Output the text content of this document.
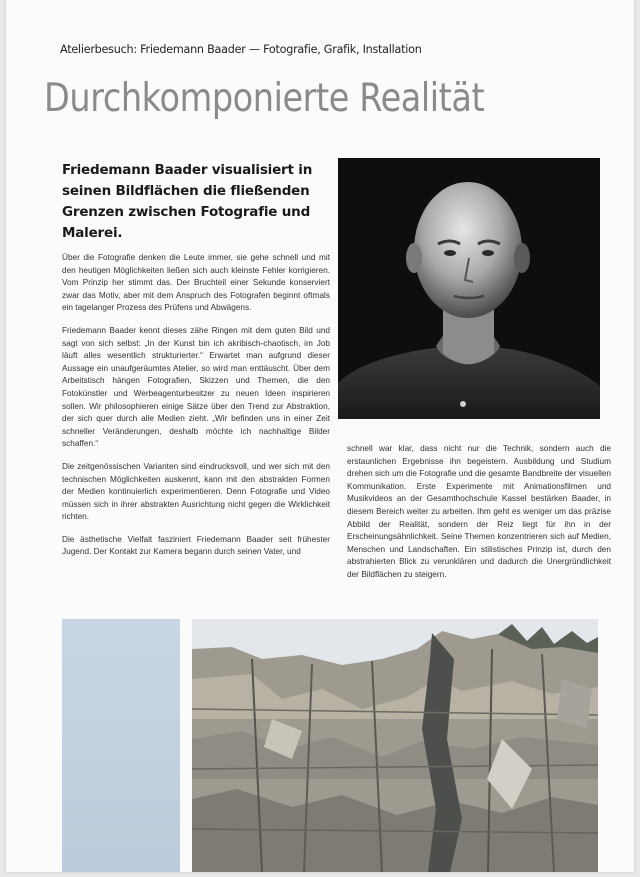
Atelierbesuch: Friedemann Baader — Fotografie, Grafik, Installation
Durchkomponierte Realität
Friedemann Baader visualisiert in seinen Bildflächen die fließenden Grenzen zwischen Fotografie und Malerei.

Über die Fotografie denken die Leute immer, sie gehe schnell und mit den heutigen Möglichkeiten ließen sich auch kleinste Fehler korrigieren. Vom Prinzip her stimmt das. Der Bruchteil einer Sekunde konserviert zwar das Motiv, aber mit dem Anspruch des Fotografen beginnt oftmals ein tagelanger Prozess des Prüfens und Abwägens.

Friedemann Baader kennt dieses zähe Ringen mit dem guten Bild und sagt von sich selbst: „In der Kunst bin ich akribisch-chaotisch, im Job läuft alles wesentlich strukturierter.“ Erwartet man aufgrund dieser Aussage ein unaufgeräumtes Atelier, so wird man enttäuscht. Über dem Arbeitstisch hängen Fotografien, Skizzen und Themen, die den Fotokünstler und Werbeagenturbesitzer zu neuen Ideen inspirieren sollen. Wir philosophieren einige Sätze über den Trend zur Abstraktion, der sich quer durch alle Medien zieht. „Wir befinden uns in einer Zeit schneller Veränderungen, deshalb möchte ich nachhaltige Bilder schaffen.“

Die zeitgenössischen Varianten sind eindrucksvoll, und wer sich mit den technischen Möglichkeiten auskennt, kann mit den abstrakten Formen der Medien kontinuierlich experimentieren. Denn Fotografie und Video müssen sich in ihrer abstrakten Ausrichtung nicht gegen die Wirklichkeit richten.

Die ästhetische Vielfalt fasziniert Friedemann Baader seit frühester Jugend. Der Kontakt zur Kamera begann durch seinen Vater, und

schnell war klar, dass nicht nur die Technik, sondern auch die erstaunlichen Ergebnisse ihn begeistern. Ausbildung und Studium drehen sich um die Fotografie und die gesamte Bandbreite der visuellen Kommunikation. Erste Experimente mit Animationsfilmen und Musikvideos an der Gesamthochschule Kassel bestärken Baader, in diesem Bereich weiter zu arbeiten. Ihm geht es weniger um das präzise Abbild der Realität, sondern der Reiz liegt für ihn in der Erscheinungsähnlichkeit. Seine Themen konzentrieren sich auf Medien, Menschen und Landschaften. Ein stilistisches Prinzip ist, durch den abstrahierten Blick zu verunklären und dadurch die Unergründlichkeit der Bildflächen zu steigern.
